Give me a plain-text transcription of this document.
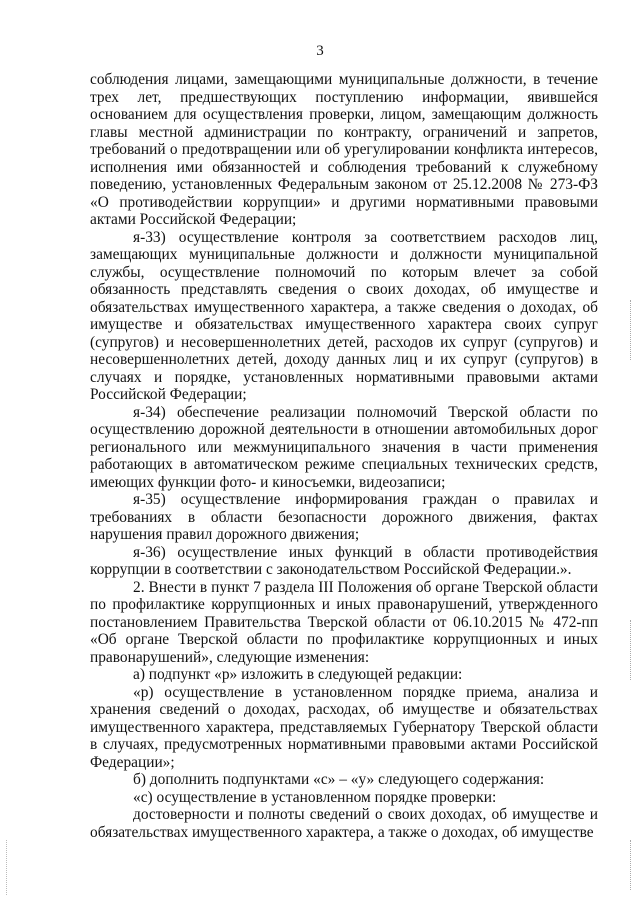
3

соблюдения лицами, замещающими муниципальные должности, в течение трех лет, предшествующих поступлению информации, явившейся основанием для осуществления проверки, лицом, замещающим должность главы местной администрации по контракту, ограничений и запретов, требований о предотвращении или об урегулировании конфликта интересов, исполнения ими обязанностей и соблюдения требований к служебному поведению, установленных Федеральным законом от 25.12.2008 № 273-ФЗ «О противодействии коррупции» и другими нормативными правовыми актами Российской Федерации;

я-33) осуществление контроля за соответствием расходов лиц, замещающих муниципальные должности и должности муниципальной службы, осуществление полномочий по которым влечет за собой обязанность представлять сведения о своих доходах, об имуществе и обязательствах имущественного характера, а также сведения о доходах, об имуществе и обязательствах имущественного характера своих супруг (супругов) и несовершеннолетних детей, расходов их супруг (супругов) и несовершеннолетних детей, доходу данных лиц и их супруг (супругов) в случаях и порядке, установленных нормативными правовыми актами Российской Федерации;

я-34) обеспечение реализации полномочий Тверской области по осуществлению дорожной деятельности в отношении автомобильных дорог регионального или межмуниципального значения в части применения работающих в автоматическом режиме специальных технических средств, имеющих функции фото- и киносъемки, видеозаписи;

я-35) осуществление информирования граждан о правилах и требованиях в области безопасности дорожного движения, фактах нарушения правил дорожного движения;

я-36) осуществление иных функций в области противодействия коррупции в соответствии с законодательством Российской Федерации.».

2. Внести в пункт 7 раздела III Положения об органе Тверской области по профилактике коррупционных и иных правонарушений, утвержденного постановлением Правительства Тверской области от 06.10.2015 № 472-пп «Об органе Тверской области по профилактике коррупционных и иных правонарушений», следующие изменения:

а) подпункт «р» изложить в следующей редакции:

«р) осуществление в установленном порядке приема, анализа и хранения сведений о доходах, расходах, об имуществе и обязательствах имущественного характера, представляемых Губернатору Тверской области в случаях, предусмотренных нормативными правовыми актами Российской Федерации»;

б) дополнить подпунктами «с» – «у» следующего содержания:

«с) осуществление в установленном порядке проверки:

достоверности и полноты сведений о своих доходах, об имуществе и обязательствах имущественного характера, а также о доходах, об имуществе
